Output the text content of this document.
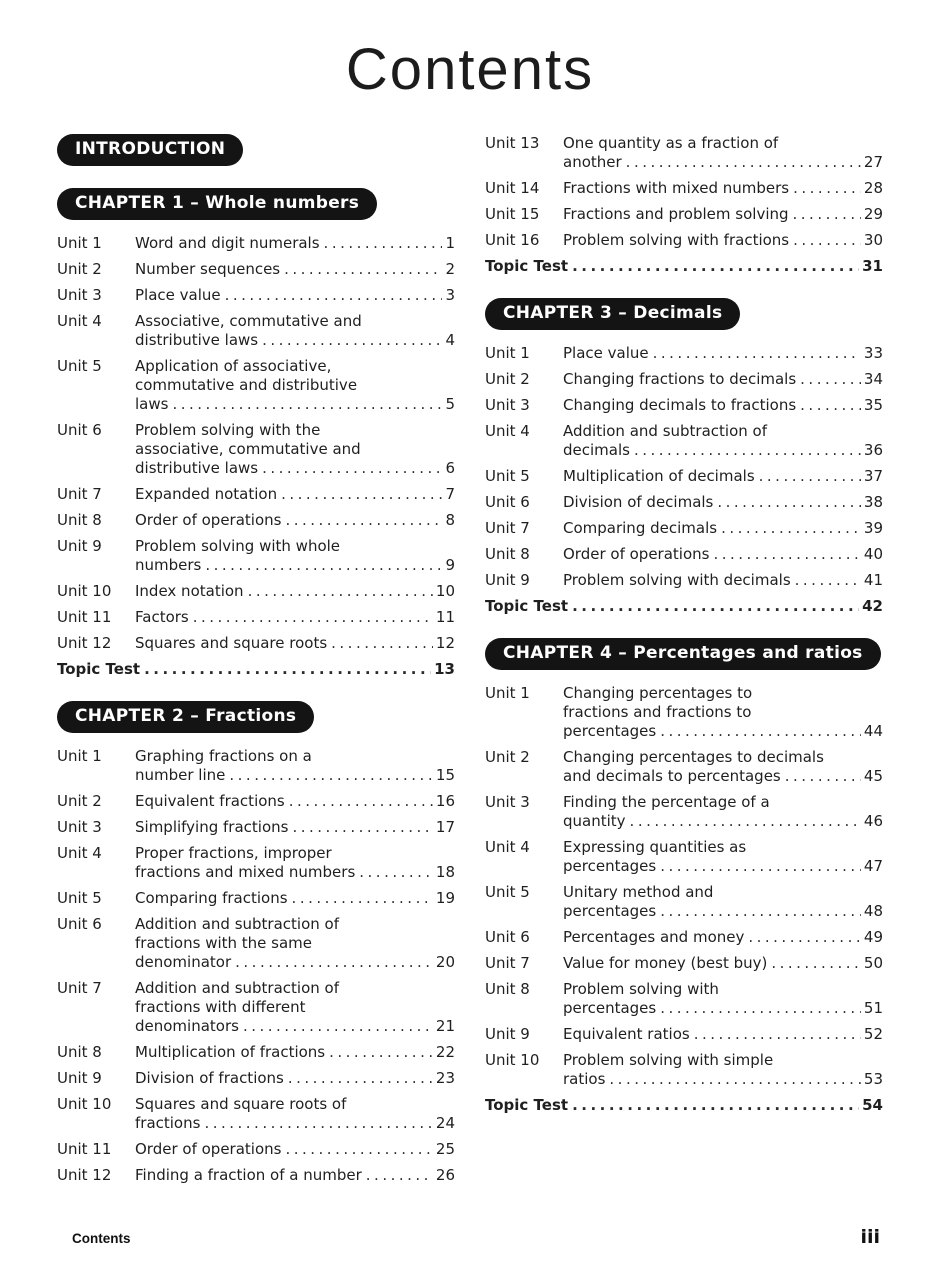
Contents
INTRODUCTION
CHAPTER 1 – Whole numbers
Unit 1	Word and digit numerals .....	1
Unit 2	Number sequences .....	2
Unit 3	Place value .....	3
Unit 4	Associative, commutative and
distributive laws .....	4
Unit 5	Application of associative,
commutative and distributive
laws .....	5
Unit 6	Problem solving with the
associative, commutative and
distributive laws .....	6
Unit 7	Expanded notation .....	7
Unit 8	Order of operations .....	8
Unit 9	Problem solving with whole
numbers .....	9
Unit 10	Index notation .....	10
Unit 11	Factors .....	11
Unit 12	Squares and square roots .....	12
Topic Test .....	13
CHAPTER 2 – Fractions
Unit 1	Graphing fractions on a
number line .....	15
Unit 2	Equivalent fractions .....	16
Unit 3	Simplifying fractions .....	17
Unit 4	Proper fractions, improper
fractions and mixed numbers .....	18
Unit 5	Comparing fractions .....	19
Unit 6	Addition and subtraction of
fractions with the same
denominator .....	20
Unit 7	Addition and subtraction of
fractions with different
denominators .....	21
Unit 8	Multiplication of fractions .....	22
Unit 9	Division of fractions .....	23
Unit 10	Squares and square roots of
fractions .....	24
Unit 11	Order of operations .....	25
Unit 12	Finding a fraction of a number .....	26
Unit 13	One quantity as a fraction of
another .....	27
Unit 14	Fractions with mixed numbers .....	28
Unit 15	Fractions and problem solving .....	29
Unit 16	Problem solving with fractions .....	30
Topic Test .....	31
CHAPTER 3 – Decimals
Unit 1	Place value .....	33
Unit 2	Changing fractions to decimals .....	34
Unit 3	Changing decimals to fractions .....	35
Unit 4	Addition and subtraction of
decimals .....	36
Unit 5	Multiplication of decimals .....	37
Unit 6	Division of decimals .....	38
Unit 7	Comparing decimals .....	39
Unit 8	Order of operations .....	40
Unit 9	Problem solving with decimals .....	41
Topic Test .....	42
CHAPTER 4 – Percentages and ratios
Unit 1	Changing percentages to
fractions and fractions to
percentages .....	44
Unit 2	Changing percentages to decimals
and decimals to percentages .....	45
Unit 3	Finding the percentage of a
quantity .....	46
Unit 4	Expressing quantities as
percentages .....	47
Unit 5	Unitary method and
percentages .....	48
Unit 6	Percentages and money .....	49
Unit 7	Value for money (best buy) .....	50
Unit 8	Problem solving with
percentages .....	51
Unit 9	Equivalent ratios .....	52
Unit 10	Problem solving with simple
ratios .....	53
Topic Test .....	54
Contents	iii
